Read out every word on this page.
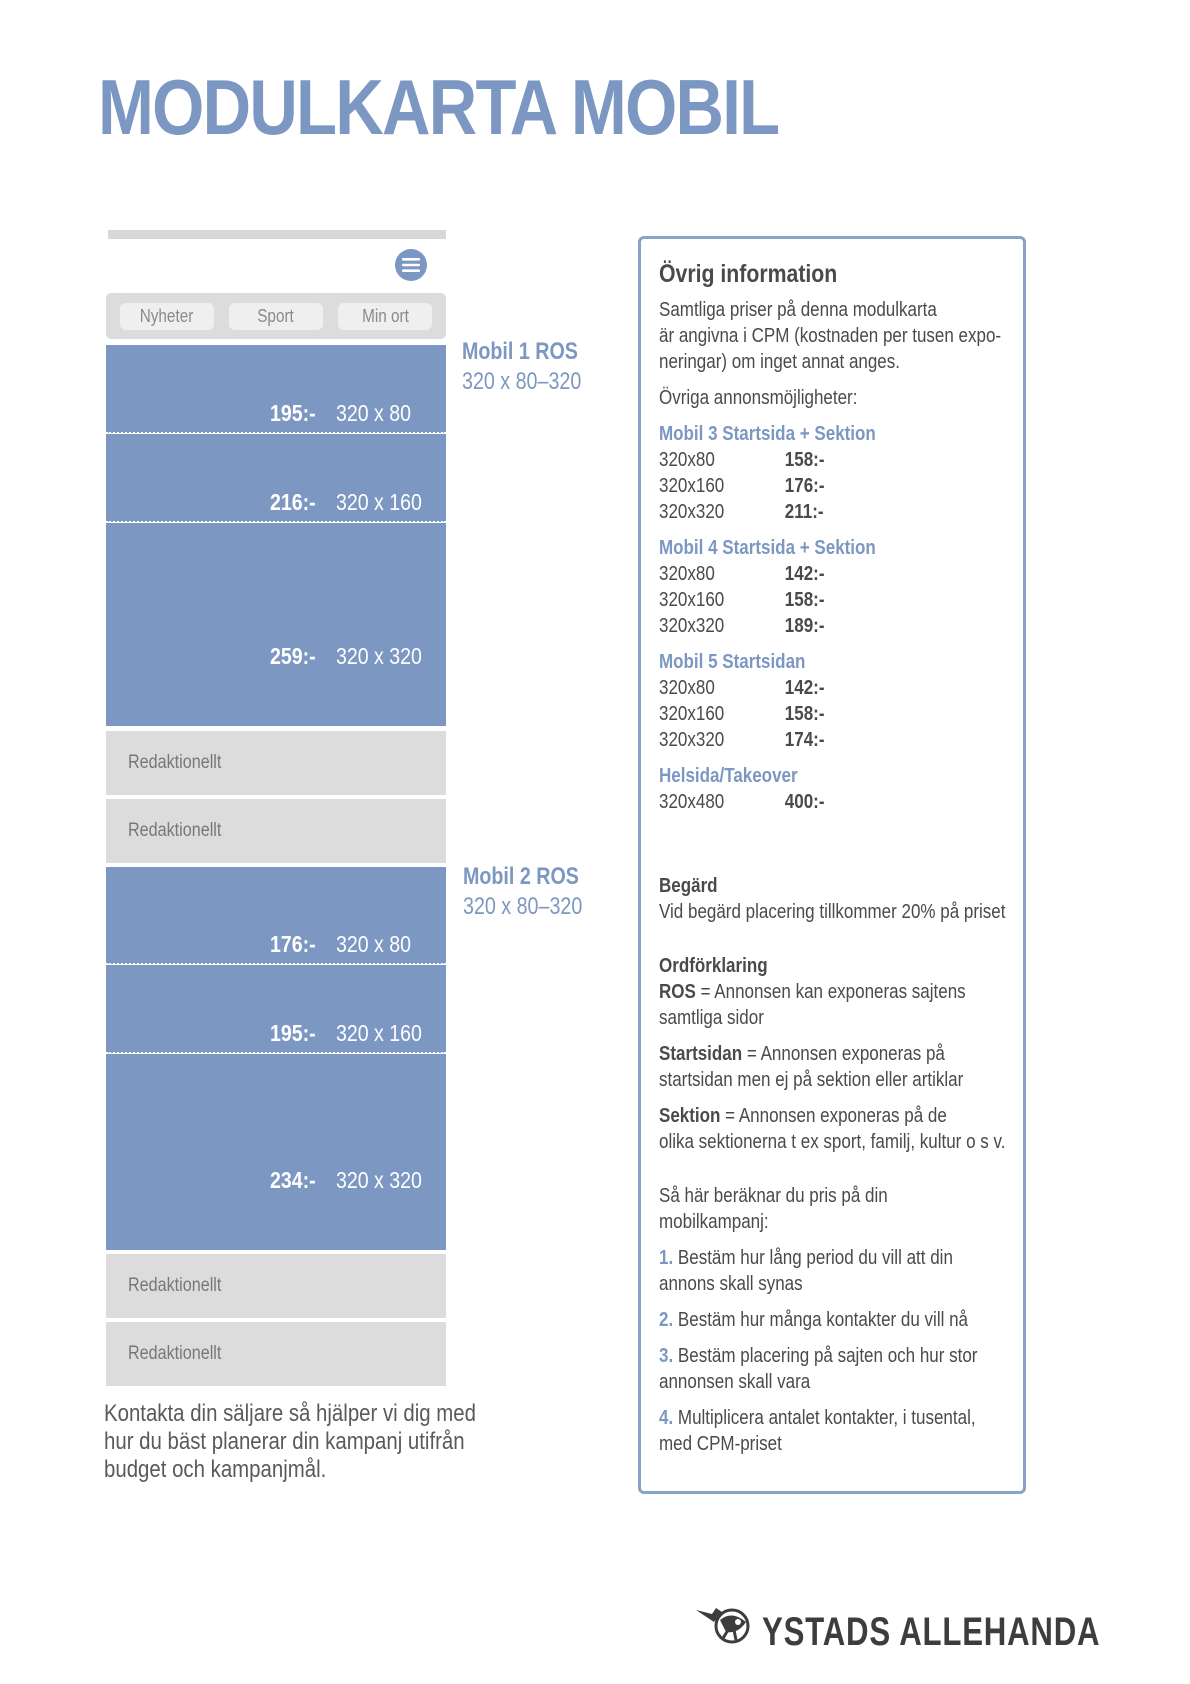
MODULKARTA MOBIL
Nyheter	Sport	Min ort
195:- 320 x 80
216:- 320 x 160
259:- 320 x 320
Redaktionellt
Redaktionellt
176:- 320 x 80
195:- 320 x 160
234:- 320 x 320
Redaktionellt
Redaktionellt
Mobil 1 ROS
320 x 80–320
Mobil 2 ROS
320 x 80–320
Kontakta din säljare så hjälper vi dig med
hur du bäst planerar din kampanj utifrån
budget och kampanjmål.

Övrig information

Samtliga priser på denna modulkarta
är angivna i CPM (kostnaden per tusen expo-
neringar) om inget annat anges.

Övriga annonsmöjligheter:

Mobil 3 Startsida + Sektion

320x80	158:-
320x160	176:-
320x320	211:-

Mobil 4 Startsida + Sektion

320x80	142:-
320x160	158:-
320x320	189:-

Mobil 5 Startsidan

320x80	142:-
320x160	158:-
320x320	174:-

Helsida/Takeover

320x480	400:-

Begärd

Vid begärd placering tillkommer 20% på priset

Ordförklaring

ROS = Annonsen kan exponeras sajtens
samtliga sidor

Startsidan = Annonsen exponeras på
startsidan men ej på sektion eller artiklar

Sektion = Annonsen exponeras på de
olika sektionerna t ex sport, familj, kultur o s v.

Så här beräknar du pris på din
mobilkampanj:

1. Bestäm hur lång period du vill att din
annons skall synas

2. Bestäm hur många kontakter du vill nå

3. Bestäm placering på sajten och hur stor
annonsen skall vara

4. Multiplicera antalet kontakter, i tusental,
med CPM-priset

YSTADS ALLEHANDA
